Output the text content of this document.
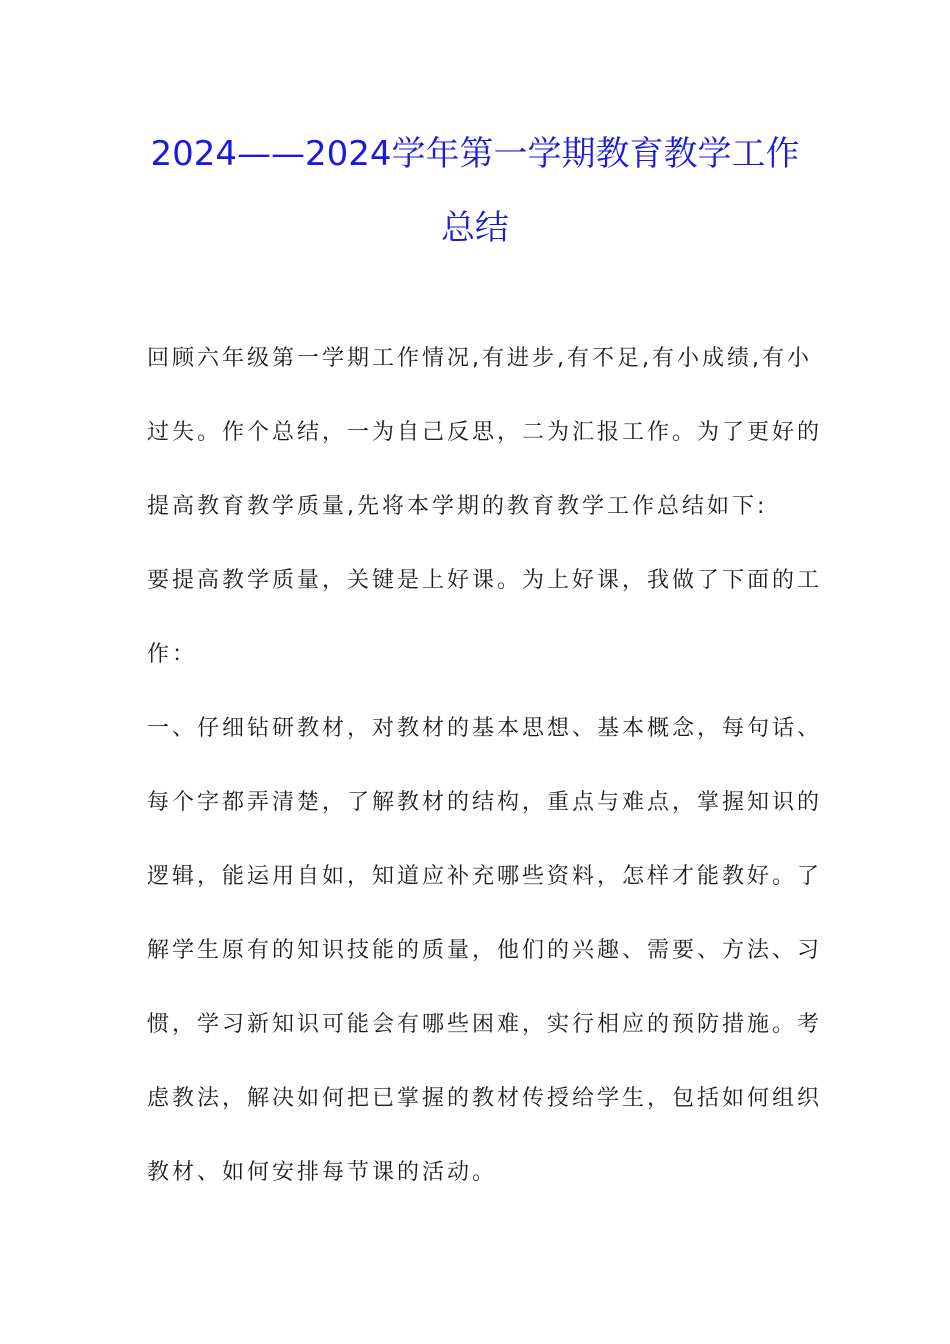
2024——2024学年第一学期教育教学工作
总结
回顾六年级第一学期工作情况,有进步,有不足,有小成绩,有小
过失。作个总结，一为自己反思，二为汇报工作。为了更好的
提高教育教学质量,先将本学期的教育教学工作总结如下:
要提高教学质量，关键是上好课。为上好课，我做了下面的工
作：
一、仔细钻研教材，对教材的基本思想、基本概念，每句话、
每个字都弄清楚，了解教材的结构，重点与难点，掌握知识的
逻辑，能运用自如，知道应补充哪些资料，怎样才能教好。了
解学生原有的知识技能的质量，他们的兴趣、需要、方法、习
惯，学习新知识可能会有哪些困难，实行相应的预防措施。考
虑教法，解决如何把已掌握的教材传授给学生，包括如何组织
教材、如何安排每节课的活动。
